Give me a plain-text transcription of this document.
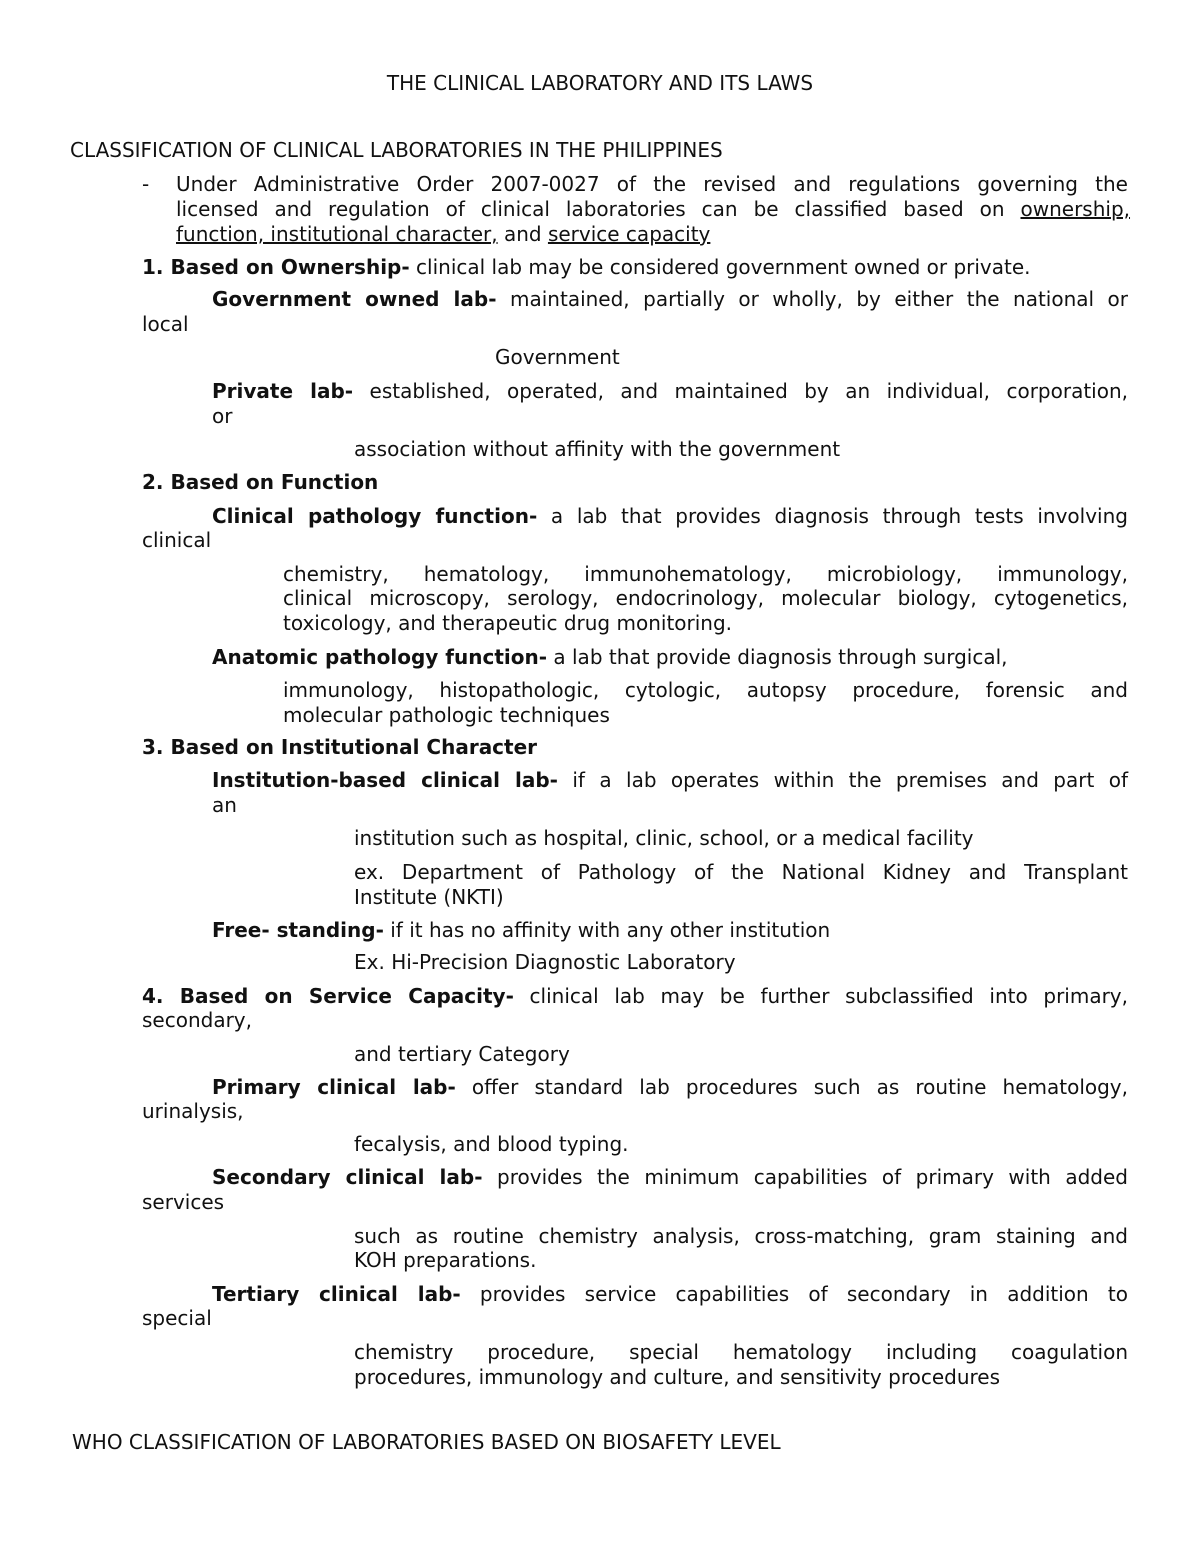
THE CLINICAL LABORATORY AND ITS LAWS
CLASSIFICATION OF CLINICAL LABORATORIES IN THE PHILIPPINES
- Under Administrative Order 2007-0027 of the revised and regulations governing the
licensed and regulation of clinical laboratories can be classified based on ownership,
function, institutional character, and service capacity
1. Based on Ownership- clinical lab may be considered government owned or private.
Government owned lab- maintained, partially or wholly, by either the national or
local
Government
Private lab- established, operated, and maintained by an individual, corporation,
or
association without affinity with the government
2. Based on Function
Clinical pathology function- a lab that provides diagnosis through tests involving
clinical
chemistry, hematology, immunohematology, microbiology, immunology,
clinical microscopy, serology, endocrinology, molecular biology, cytogenetics,
toxicology, and therapeutic drug monitoring.
Anatomic pathology function- a lab that provide diagnosis through surgical,
immunology, histopathologic, cytologic, autopsy procedure, forensic and
molecular pathologic techniques
3. Based on Institutional Character
Institution-based clinical lab- if a lab operates within the premises and part of
an
institution such as hospital, clinic, school, or a medical facility
ex. Department of Pathology of the National Kidney and Transplant
Institute (NKTI)
Free- standing- if it has no affinity with any other institution
Ex. Hi-Precision Diagnostic Laboratory
4. Based on Service Capacity- clinical lab may be further subclassified into primary,
secondary,
and tertiary Category
Primary clinical lab- offer standard lab procedures such as routine hematology,
urinalysis,
fecalysis, and blood typing.
Secondary clinical lab- provides the minimum capabilities of primary with added
services
such as routine chemistry analysis, cross-matching, gram staining and
KOH preparations.
Tertiary clinical lab- provides service capabilities of secondary in addition to
special
chemistry procedure, special hematology including coagulation
procedures, immunology and culture, and sensitivity procedures
WHO CLASSIFICATION OF LABORATORIES BASED ON BIOSAFETY LEVEL
